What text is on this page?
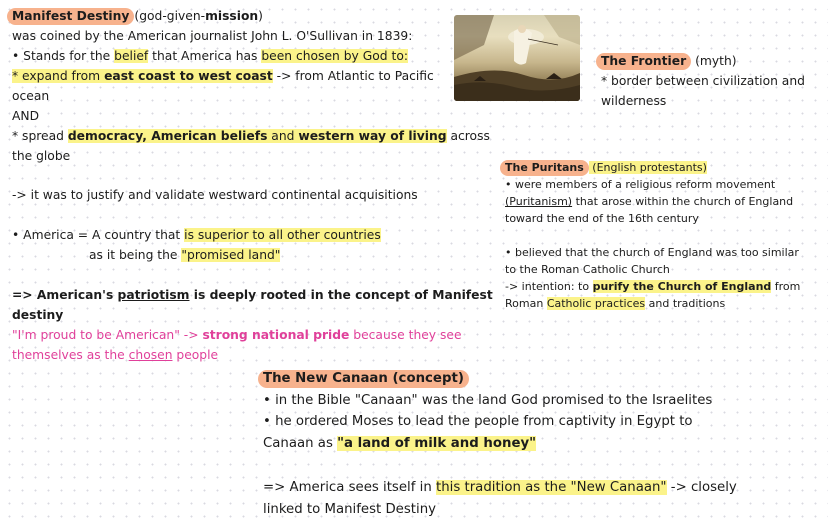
Manifest Destiny (god-given-mission)
was coined by the American journalist John L. O'Sullivan in 1839:
• Stands for the belief that America has been chosen by God to:
* expand from east coast to west coast -> from Atlantic to Pacific
ocean
AND
* spread democracy, American beliefs and western way of living across
the globe
-> it was to justify and validate westward continental acquisitions
• America = A country that is superior to all other countries
as it being the "promised land"
=> American's patriotism is deeply rooted in the concept of Manifest
destiny
"I'm proud to be American" -> strong national pride because they see
themselves as the chosen people
The Frontier (myth)
* border between civilization and
wilderness
The Puritans (English protestants)
• were members of a religious reform movement
(Puritanism) that arose within the church of England
toward the end of the 16th century
• believed that the church of England was too similar
to the Roman Catholic Church
-> intention: to purify the Church of England from
Roman Catholic practices and traditions
The New Canaan (concept)
• in the Bible "Canaan" was the land God promised to the Israelites
• he ordered Moses to lead the people from captivity in Egypt to
Canaan as "a land of milk and honey"
=> America sees itself in this tradition as the "New Canaan" -> closely
linked to Manifest Destiny
